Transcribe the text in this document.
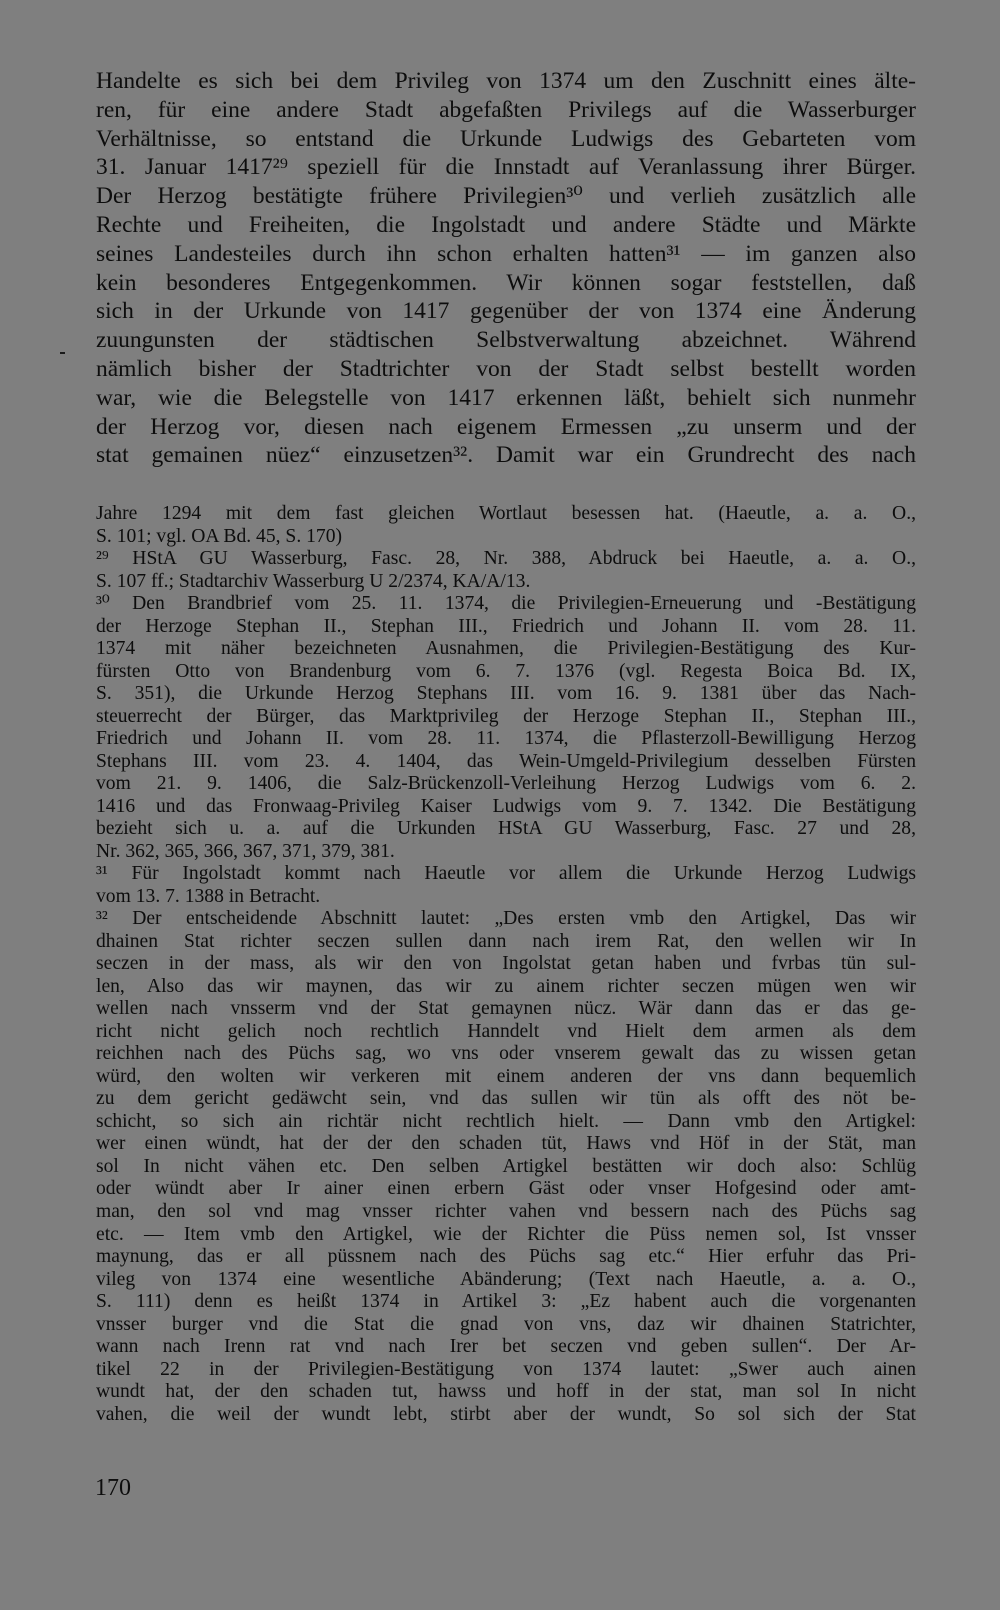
Handelte es sich bei dem Privileg von 1374 um den Zuschnitt eines älte-
ren, für eine andere Stadt abgefaßten Privilegs auf die Wasserburger
Verhältnisse, so entstand die Urkunde Ludwigs des Gebarteten vom
31. Januar 1417²⁹ speziell für die Innstadt auf Veranlassung ihrer Bürger.
Der Herzog bestätigte frühere Privilegien³⁰ und verlieh zusätzlich alle
Rechte und Freiheiten, die Ingolstadt und andere Städte und Märkte
seines Landesteiles durch ihn schon erhalten hatten³¹ — im ganzen also
kein besonderes Entgegenkommen. Wir können sogar feststellen, daß
sich in der Urkunde von 1417 gegenüber der von 1374 eine Änderung
zuungunsten der städtischen Selbstverwaltung abzeichnet. Während
nämlich bisher der Stadtrichter von der Stadt selbst bestellt worden
war, wie die Belegstelle von 1417 erkennen läßt, behielt sich nunmehr
der Herzog vor, diesen nach eigenem Ermessen „zu unserm und der
stat gemainen nüez“ einzusetzen³². Damit war ein Grundrecht des nach
Jahre 1294 mit dem fast gleichen Wortlaut besessen hat. (Haeutle, a. a. O.,
S. 101; vgl. OA Bd. 45, S. 170)
²⁹ HStA GU Wasserburg, Fasc. 28, Nr. 388, Abdruck bei Haeutle, a. a. O.,
S. 107 ff.; Stadtarchiv Wasserburg U 2/2374, KA/A/13.
³⁰ Den Brandbrief vom 25. 11. 1374, die Privilegien-Erneuerung und -Bestätigung
der Herzoge Stephan II., Stephan III., Friedrich und Johann II. vom 28. 11.
1374 mit näher bezeichneten Ausnahmen, die Privilegien-Bestätigung des Kur-
fürsten Otto von Brandenburg vom 6. 7. 1376 (vgl. Regesta Boica Bd. IX,
S. 351), die Urkunde Herzog Stephans III. vom 16. 9. 1381 über das Nach-
steuerrecht der Bürger, das Marktprivileg der Herzoge Stephan II., Stephan III.,
Friedrich und Johann II. vom 28. 11. 1374, die Pflasterzoll-Bewilligung Herzog
Stephans III. vom 23. 4. 1404, das Wein-Umgeld-Privilegium desselben Fürsten
vom 21. 9. 1406, die Salz-Brückenzoll-Verleihung Herzog Ludwigs vom 6. 2.
1416 und das Fronwaag-Privileg Kaiser Ludwigs vom 9. 7. 1342. Die Bestätigung
bezieht sich u. a. auf die Urkunden HStA GU Wasserburg, Fasc. 27 und 28,
Nr. 362, 365, 366, 367, 371, 379, 381.
³¹ Für Ingolstadt kommt nach Haeutle vor allem die Urkunde Herzog Ludwigs
vom 13. 7. 1388 in Betracht.
³² Der entscheidende Abschnitt lautet: „Des ersten vmb den Artigkel, Das wir
dhainen Stat richter seczen sullen dann nach irem Rat, den wellen wir In
seczen in der mass, als wir den von Ingolstat getan haben und fvrbas tün sul-
len, Also das wir maynen, das wir zu ainem richter seczen mügen wen wir
wellen nach vnsserm vnd der Stat gemaynen nücz. Wär dann das er das ge-
richt nicht gelich noch rechtlich Hanndelt vnd Hielt dem armen als dem
reichhen nach des Püchs sag, wo vns oder vnserem gewalt das zu wissen getan
würd, den wolten wir verkeren mit einem anderen der vns dann bequemlich
zu dem gericht gedäwcht sein, vnd das sullen wir tün als offt des nöt be-
schicht, so sich ain richtär nicht rechtlich hielt. — Dann vmb den Artigkel:
wer einen wündt, hat der der den schaden tüt, Haws vnd Höf in der Stät, man
sol In nicht vähen etc. Den selben Artigkel bestätten wir doch also: Schlüg
oder wündt aber Ir ainer einen erbern Gäst oder vnser Hofgesind oder amt-
man, den sol vnd mag vnsser richter vahen vnd bessern nach des Püchs sag
etc. — Item vmb den Artigkel, wie der Richter die Püss nemen sol, Ist vnsser
maynung, das er all püssnem nach des Püchs sag etc.“ Hier erfuhr das Pri-
vileg von 1374 eine wesentliche Abänderung; (Text nach Haeutle, a. a. O.,
S. 111) denn es heißt 1374 in Artikel 3: „Ez habent auch die vorgenanten
vnsser burger vnd die Stat die gnad von vns, daz wir dhainen Statrichter,
wann nach Irenn rat vnd nach Irer bet seczen vnd geben sullen“. Der Ar-
tikel 22 in der Privilegien-Bestätigung von 1374 lautet: „Swer auch ainen
wundt hat, der den schaden tut, hawss und hoff in der stat, man sol In nicht
vahen, die weil der wundt lebt, stirbt aber der wundt, So sol sich der Stat
170
